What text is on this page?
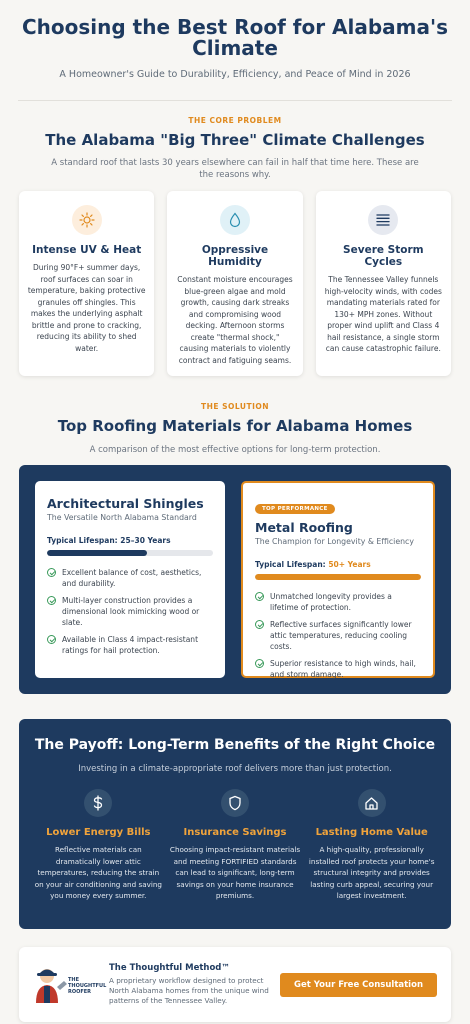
Choosing the Best Roof for Alabama's Climate
A Homeowner's Guide to Durability, Efficiency, and Peace of Mind in 2026
THE CORE PROBLEM
The Alabama "Big Three" Climate Challenges
A standard roof that lasts 30 years elsewhere can fail in half that time here. These are the reasons why.
Intense UV & Heat

During 90°F+ summer days, roof surfaces can soar in temperature, baking protective granules off shingles. This makes the underlying asphalt brittle and prone to cracking, reducing its ability to shed water.

Oppressive Humidity

Constant moisture encourages blue-green algae and mold growth, causing dark streaks and compromising wood decking. Afternoon storms create "thermal shock," causing materials to violently contract and fatiguing seams.

Severe Storm Cycles

The Tennessee Valley funnels high-velocity winds, with codes mandating materials rated for 130+ MPH zones. Without proper wind uplift and Class 4 hail resistance, a single storm can cause catastrophic failure.

THE SOLUTION
Top Roofing Materials for Alabama Homes
A comparison of the most effective options for long-term protection.
Architectural Shingles
The Versatile North Alabama Standard
Typical Lifespan: 25–30 Years
Excellent balance of cost, aesthetics, and durability.
Multi-layer construction provides a dimensional look mimicking wood or slate.
Available in Class 4 impact-resistant ratings for hail protection.
TOP PERFORMANCE
Metal Roofing
The Champion for Longevity & Efficiency
Typical Lifespan: 50+ Years
Unmatched longevity provides a lifetime of protection.
Reflective surfaces significantly lower attic temperatures, reducing cooling costs.
Superior resistance to high winds, hail, and storm damage.
The Payoff: Long-Term Benefits of the Right Choice
Investing in a climate-appropriate roof delivers more than just protection.
Lower Energy Bills

Reflective materials can dramatically lower attic temperatures, reducing the strain on your air conditioning and saving you money every summer.

Insurance Savings

Choosing impact-resistant materials and meeting FORTIFIED standards can lead to significant, long-term savings on your home insurance premiums.

Lasting Home Value

A high-quality, professionally installed roof protects your home's structural integrity and provides lasting curb appeal, securing your largest investment.

THE THOUGHTFUL ROOFER
The Thoughtful Method™

A proprietary workflow designed to protect North Alabama homes from the unique wind patterns of the Tennessee Valley.

Get Your Free Consultation
